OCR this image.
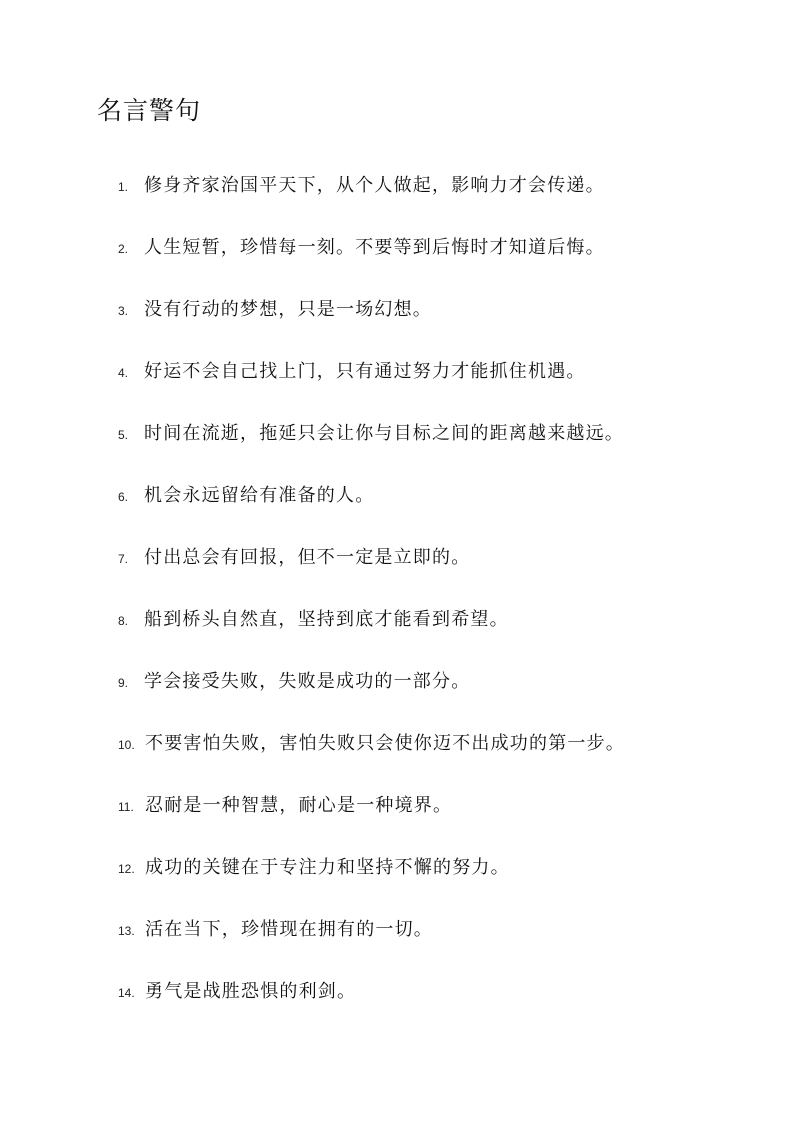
名言警句
1. 修身齐家治国平天下，从个人做起，影响力才会传递。
2. 人生短暂，珍惜每一刻。不要等到后悔时才知道后悔。
3. 没有行动的梦想，只是一场幻想。
4. 好运不会自己找上门，只有通过努力才能抓住机遇。
5. 时间在流逝，拖延只会让你与目标之间的距离越来越远。
6. 机会永远留给有准备的人。
7. 付出总会有回报，但不一定是立即的。
8. 船到桥头自然直，坚持到底才能看到希望。
9. 学会接受失败，失败是成功的一部分。
10. 不要害怕失败，害怕失败只会使你迈不出成功的第一步。
11. 忍耐是一种智慧，耐心是一种境界。
12. 成功的关键在于专注力和坚持不懈的努力。
13. 活在当下，珍惜现在拥有的一切。
14. 勇气是战胜恐惧的利剑。
